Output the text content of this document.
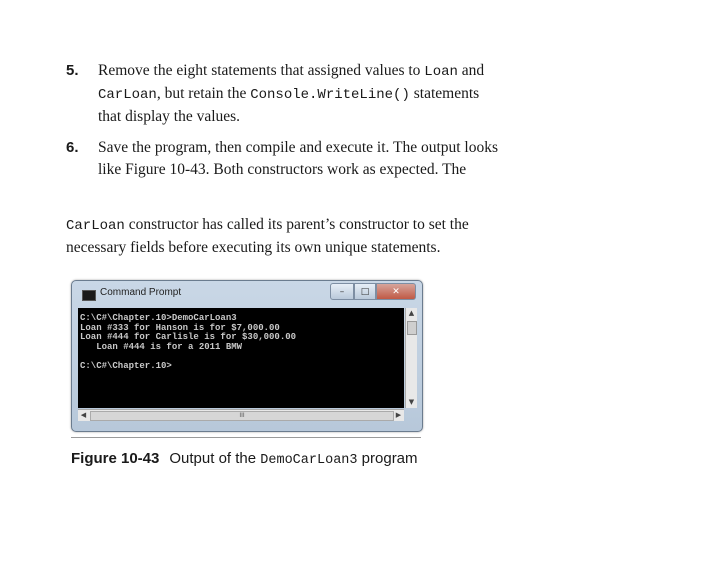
5. Remove the eight statements that assigned values to Loan and
CarLoan, but retain the Console.WriteLine() statements
that display the values.
6. Save the program, then compile and execute it. The output looks
like Figure 10-43. Both constructors work as expected. The
CarLoan constructor has called its parent’s constructor to set the
necessary fields before executing its own unique statements.
Command Prompt	–	□	✕
C:\C#\Chapter.10>DemoCarLoan3
Loan #333 for Hanson is for $7,000.00
Loan #444 for Carlisle is for $30,000.00
Loan #444 is for a 2011 BMW

C:\C#\Chapter.10>
▲
▼
◀	III	▶
Figure 10-43 Output of the DemoCarLoan3 program
